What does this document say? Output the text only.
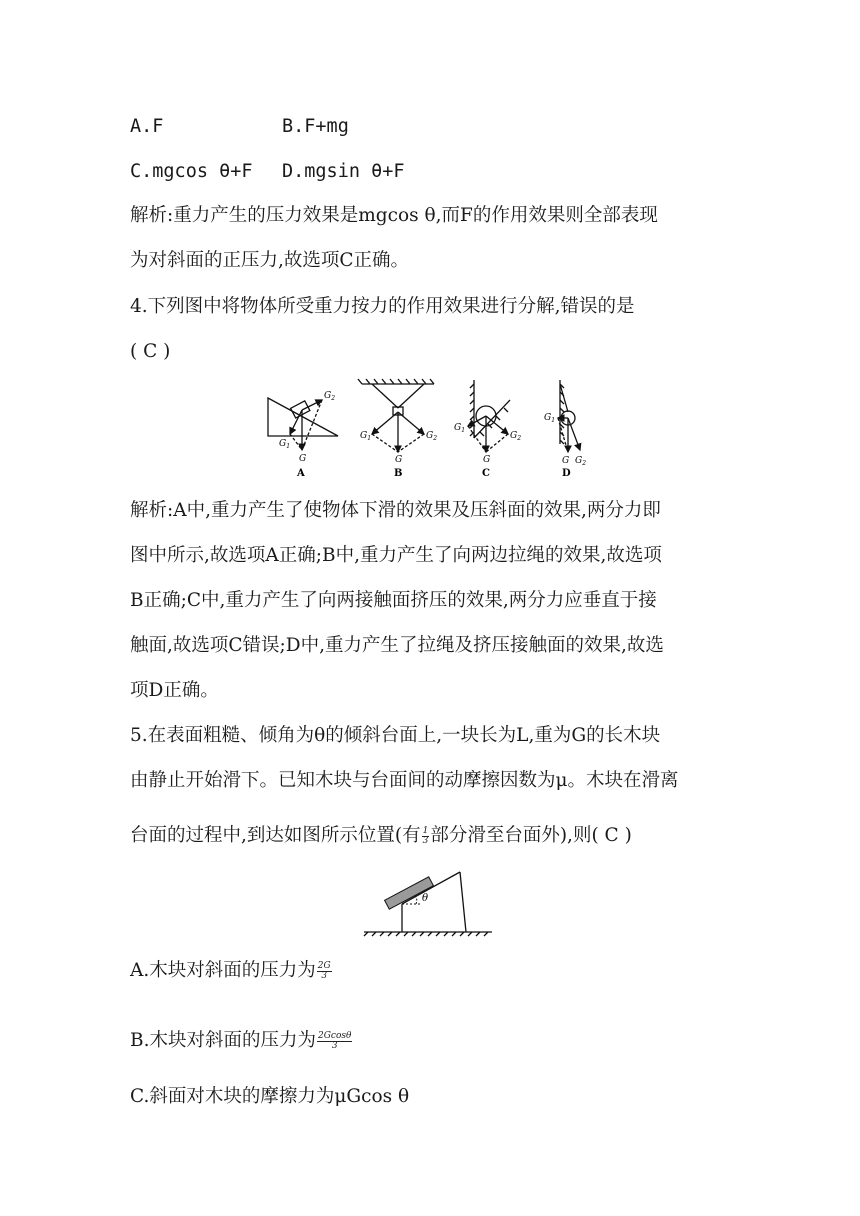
A.F	B.F+mg
C.mgcos θ+F D.mgsin θ+F
解析:重力产生的压力效果是mgcos θ,而F的作用效果则全部表现
为对斜面的正压力,故选项C正确。
4.下列图中将物体所受重力按力的作用效果进行分解,错误的是
( C )
$G_2$
$G_1$
G
A
$G_1$	$G_2$
G
B
$G_1$
$G_2$
G
C
$G_1$
G $G_2$
D
解析:A中,重力产生了使物体下滑的效果及压斜面的效果,两分力即
图中所示,故选项A正确;B中,重力产生了向两边拉绳的效果,故选项
B正确;C中,重力产生了向两接触面挤压的效果,两分力应垂直于接
触面,故选项C错误;D中,重力产生了拉绳及挤压接触面的效果,故选
项D正确。
5.在表面粗糙、倾角为θ的倾斜台面上,一块长为L,重为G的长木块
由静止开始滑下。已知木块与台面间的动摩擦因数为μ。木块在滑离
台面的过程中,到达如图所示位置(有 $\frac{1}{3}$ 部分滑至台面外),则( C )
θ
A.木块对斜面的压力为 $\frac{2G}{3}$
B.木块对斜面的压力为 $\frac{2Gcos\theta}{3}$
C.斜面对木块的摩擦力为μGcos θ
